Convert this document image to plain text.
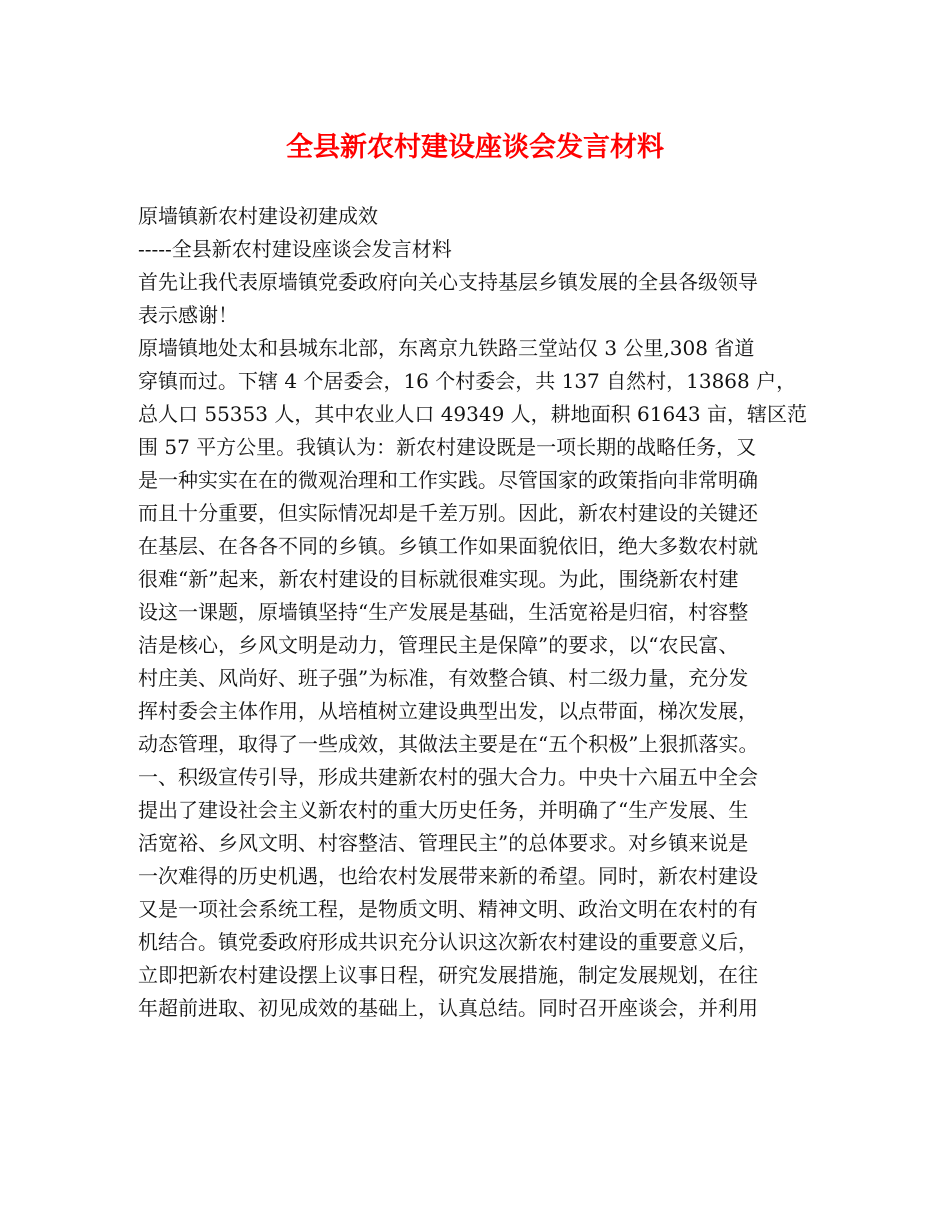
全县新农村建设座谈会发言材料
原墙镇新农村建设初建成效
-----全县新农村建设座谈会发言材料
首先让我代表原墙镇党委政府向关心支持基层乡镇发展的全县各级领导
表示感谢！
原墙镇地处太和县城东北部，东离京九铁路三堂站仅 3 公里,308 省道
穿镇而过。下辖 4 个居委会，16 个村委会，共 137 自然村，13868 户，
总人口 55353 人，其中农业人口 49349 人，耕地面积 61643 亩，辖区范
围 57 平方公里。我镇认为：新农村建设既是一项长期的战略任务，又
是一种实实在在的微观治理和工作实践。尽管国家的政策指向非常明确
而且十分重要，但实际情况却是千差万别。因此，新农村建设的关键还
在基层、在各各不同的乡镇。乡镇工作如果面貌依旧，绝大多数农村就
很难“新”起来，新农村建设的目标就很难实现。为此，围绕新农村建
设这一课题，原墙镇坚持“生产发展是基础，生活宽裕是归宿，村容整
洁是核心，乡风文明是动力，管理民主是保障”的要求，以“农民富、
村庄美、风尚好、班子强”为标准，有效整合镇、村二级力量，充分发
挥村委会主体作用，从培植树立建设典型出发，以点带面，梯次发展，
动态管理，取得了一些成效，其做法主要是在“五个积极”上狠抓落实。
一、积级宣传引导，形成共建新农村的强大合力。中央十六届五中全会
提出了建设社会主义新农村的重大历史任务，并明确了“生产发展、生
活宽裕、乡风文明、村容整洁、管理民主”的总体要求。对乡镇来说是
一次难得的历史机遇，也给农村发展带来新的希望。同时，新农村建设
又是一项社会系统工程，是物质文明、精神文明、政治文明在农村的有
机结合。镇党委政府形成共识充分认识这次新农村建设的重要意义后，
立即把新农村建设摆上议事日程，研究发展措施，制定发展规划，在往
年超前进取、初见成效的基础上，认真总结。同时召开座谈会，并利用
